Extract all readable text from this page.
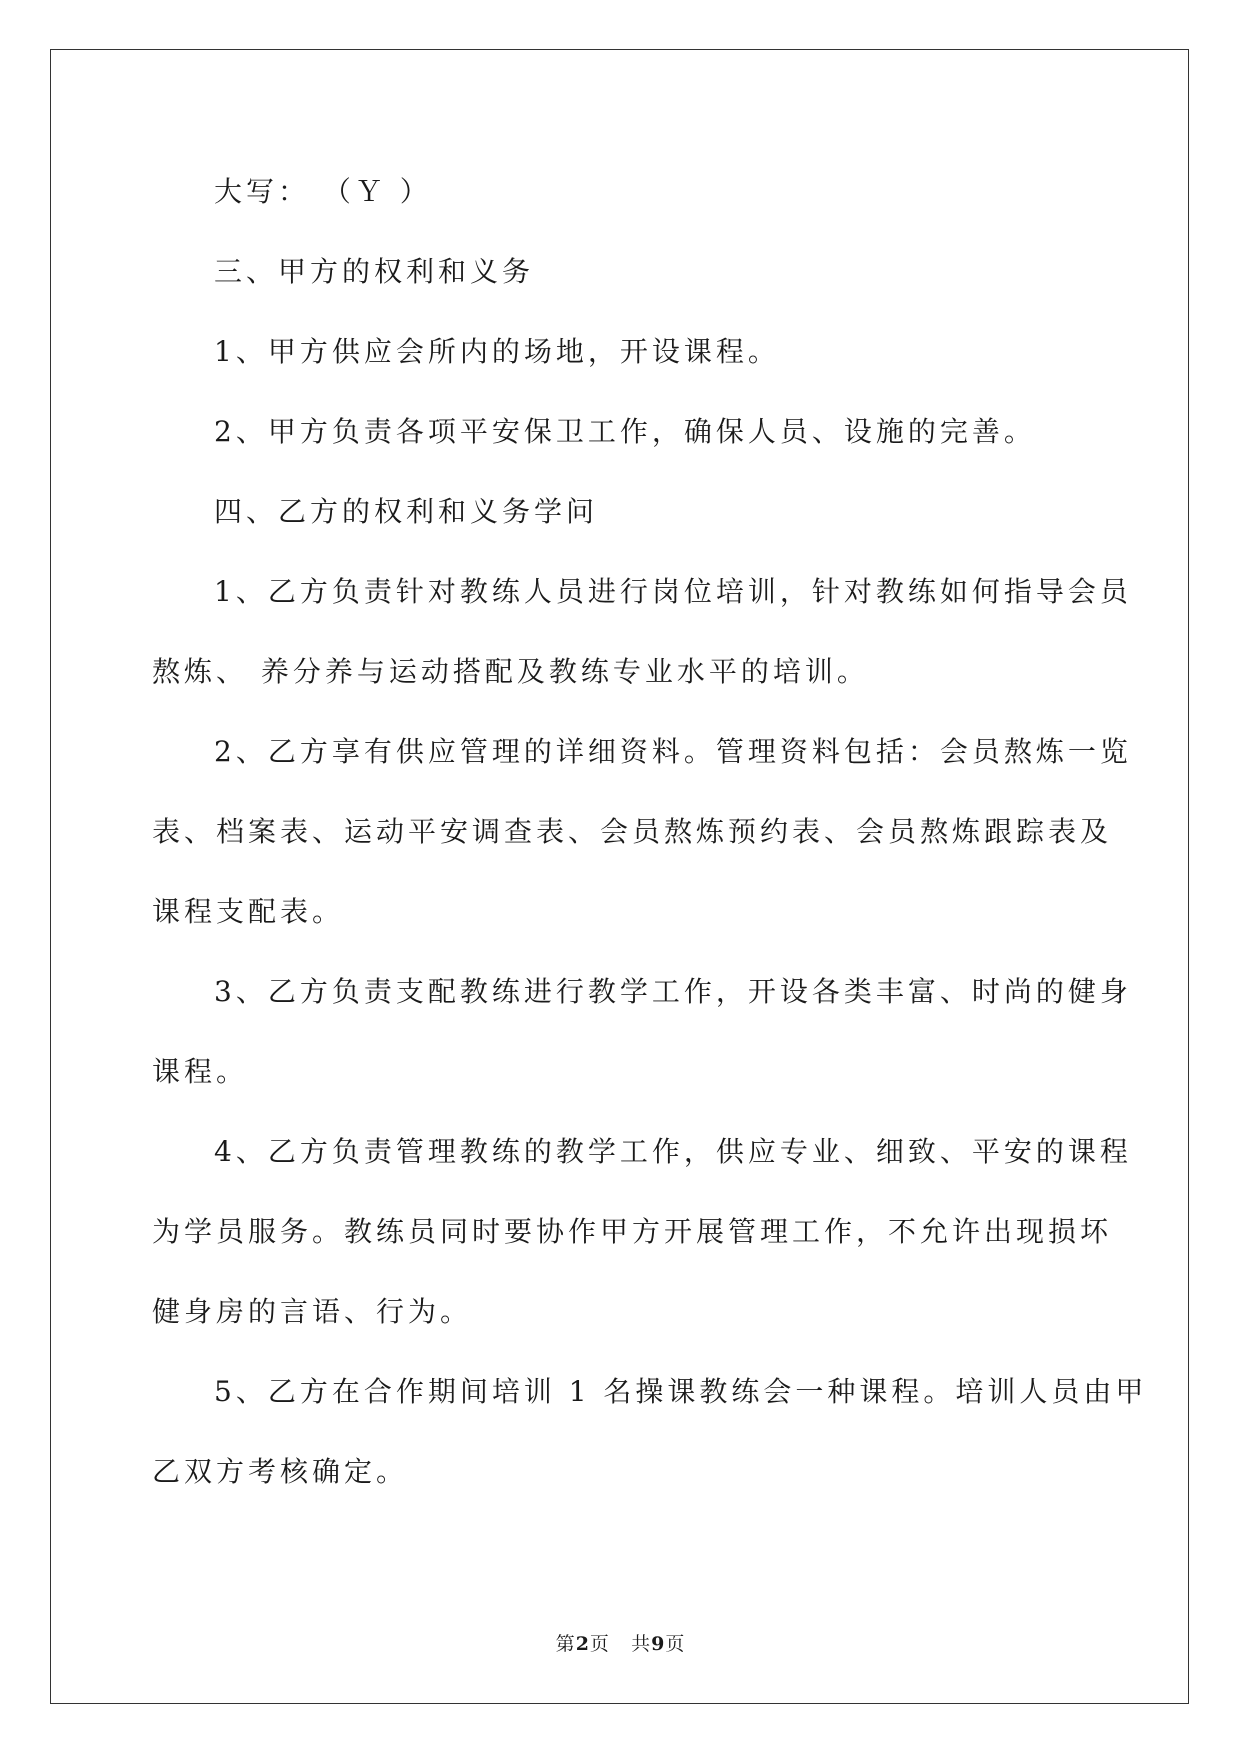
大写： （Ｙ ）
三、甲方的权利和义务
1、甲方供应会所内的场地，开设课程。
2、甲方负责各项平安保卫工作，确保人员、设施的完善。
四、乙方的权利和义务学问
1、乙方负责针对教练人员进行岗位培训，针对教练如何指导会员
熬炼、 养分养与运动搭配及教练专业水平的培训。
2、乙方享有供应管理的详细资料。管理资料包括：会员熬炼一览
表、档案表、运动平安调查表、会员熬炼预约表、会员熬炼跟踪表及
课程支配表。
3、乙方负责支配教练进行教学工作，开设各类丰富、时尚的健身
课程。
4、乙方负责管理教练的教学工作，供应专业、细致、平安的课程
为学员服务。教练员同时要协作甲方开展管理工作，不允许出现损坏
健身房的言语、行为。
5、乙方在合作期间培训 1 名操课教练会一种课程。培训人员由甲
乙双方考核确定。
第2页 共9页
